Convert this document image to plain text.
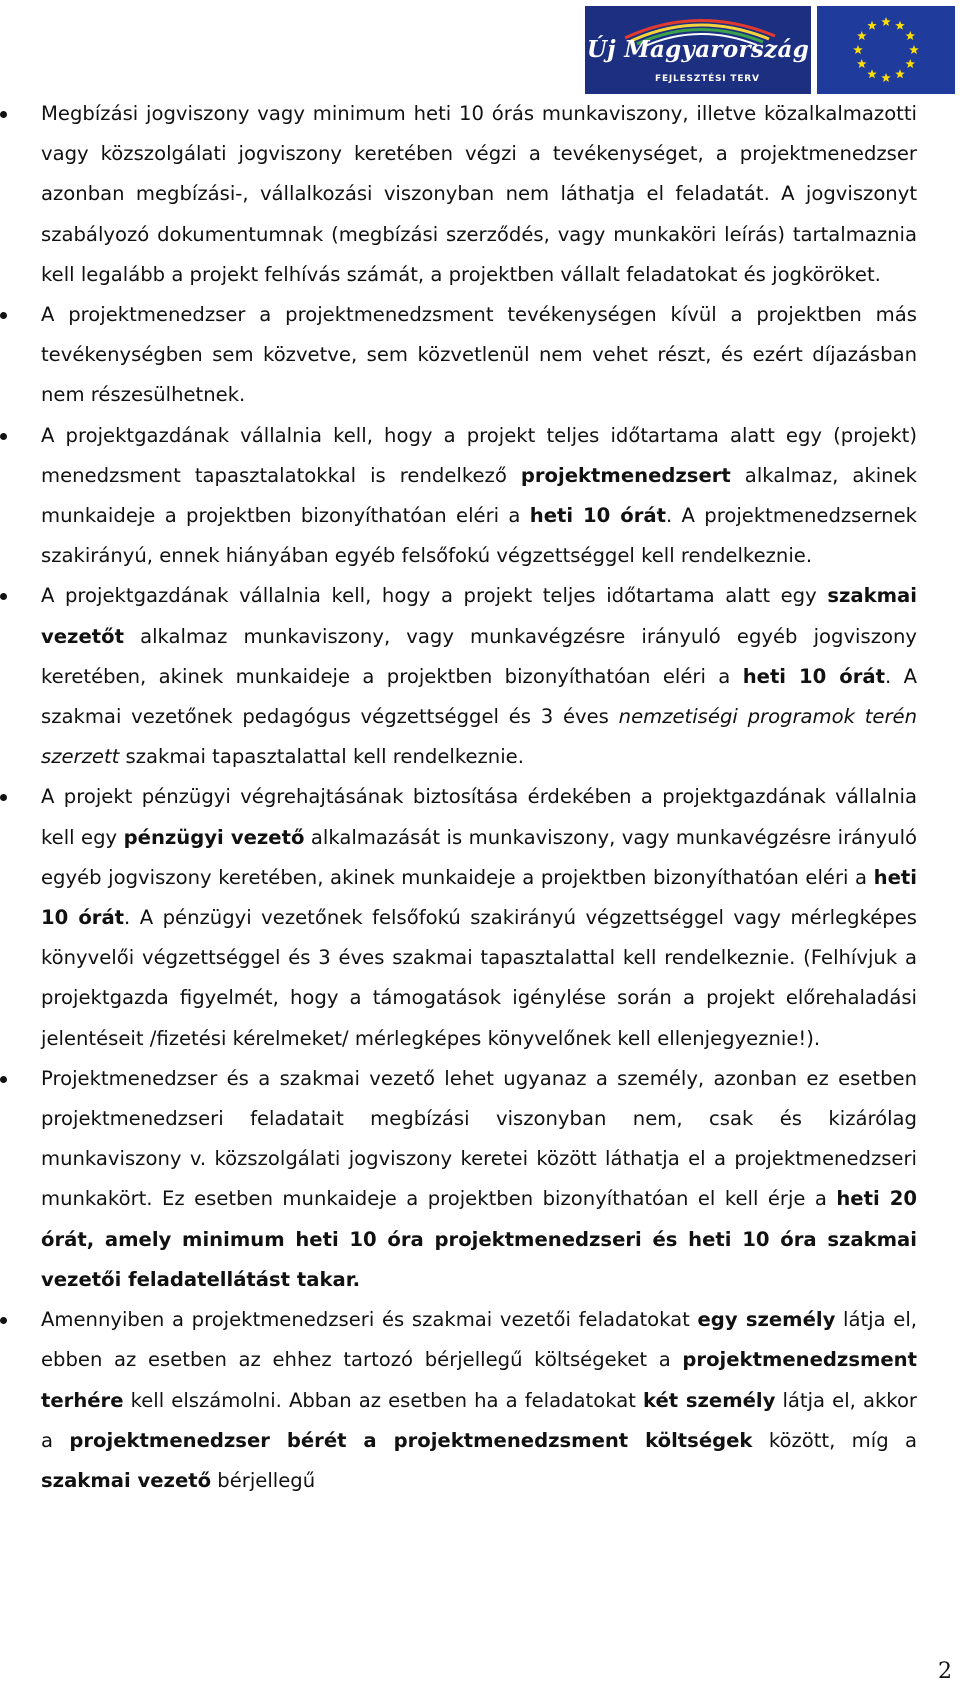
Új Magyarország
FEJLESZTÉSI TERV
Megbízási jogviszony vagy minimum heti 10 órás munkaviszony, illetve közalkalmazotti vagy közszolgálati jogviszony keretében végzi a tevékenységet, a projektmenedzser azonban megbízási-, vállalkozási viszonyban nem láthatja el feladatát. A jogviszonyt szabályozó dokumentumnak (megbízási szerződés, vagy munkaköri leírás) tartalmaznia kell legalább a projekt felhívás számát, a projektben vállalt feladatokat és jogköröket.
A projektmenedzser a projektmenedzsment tevékenységen kívül a projektben más tevékenységben sem közvetve, sem közvetlenül nem vehet részt, és ezért díjazásban nem részesülhetnek.
A projektgazdának vállalnia kell, hogy a projekt teljes időtartama alatt egy (projekt) menedzsment tapasztalatokkal is rendelkező projektmenedzsert alkalmaz, akinek munkaideje a projektben bizonyíthatóan eléri a heti 10 órát. A projektmenedzsernek szakirányú, ennek hiányában egyéb felsőfokú végzettséggel kell rendelkeznie.
A projektgazdának vállalnia kell, hogy a projekt teljes időtartama alatt egy szakmai vezetőt alkalmaz munkaviszony, vagy munkavégzésre irányuló egyéb jogviszony keretében, akinek munkaideje a projektben bizonyíthatóan eléri a heti 10 órát. A szakmai vezetőnek pedagógus végzettséggel és 3 éves nemzetiségi programok terén szerzett szakmai tapasztalattal kell rendelkeznie.
A projekt pénzügyi végrehajtásának biztosítása érdekében a projektgazdának vállalnia kell egy pénzügyi vezető alkalmazását is munkaviszony, vagy munkavégzésre irányuló egyéb jogviszony keretében, akinek munkaideje a projektben bizonyíthatóan eléri a heti 10 órát. A pénzügyi vezetőnek felsőfokú szakirányú végzettséggel vagy mérlegképes könyvelői végzettséggel és 3 éves szakmai tapasztalattal kell rendelkeznie. (Felhívjuk a projektgazda figyelmét, hogy a támogatások igénylése során a projekt előrehaladási jelentéseit /fizetési kérelmeket/ mérlegképes könyvelőnek kell ellenjegyeznie!).
Projektmenedzser és a szakmai vezető lehet ugyanaz a személy, azonban ez esetben projektmenedzseri feladatait megbízási viszonyban nem, csak és kizárólag munkaviszony v. közszolgálati jogviszony keretei között láthatja el a projektmenedzseri munkakört. Ez esetben munkaideje a projektben bizonyíthatóan el kell érje a heti 20 órát, amely minimum heti 10 óra projektmenedzseri és heti 10 óra szakmai vezetői feladatellátást takar.
Amennyiben a projektmenedzseri és szakmai vezetői feladatokat egy személy látja el, ebben az esetben az ehhez tartozó bérjellegű költségeket a projektmenedzsment terhére kell elszámolni. Abban az esetben ha a feladatokat két személy látja el, akkor a projektmenedzser bérét a projektmenedzsment költségek között, míg a szakmai vezető bérjellegű
2
